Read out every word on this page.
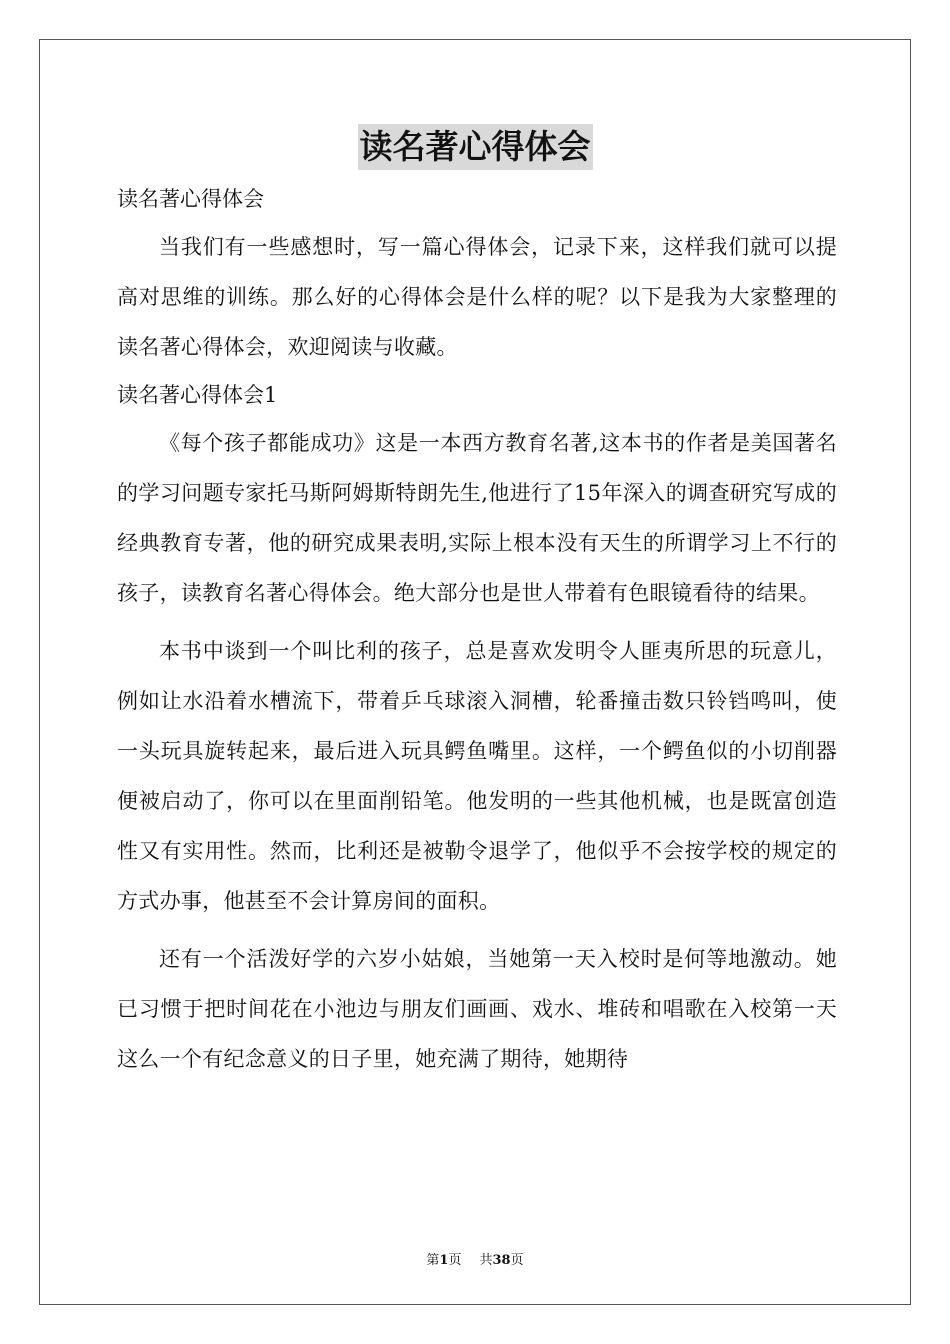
读名著心得体会

读名著心得体会

当我们有一些感想时，写一篇心得体会，记录下来，这样我们就可以提高对思维的训练。那么好的心得体会是什么样的呢？以下是我为大家整理的读名著心得体会，欢迎阅读与收藏。

读名著心得体会1

《每个孩子都能成功》这是一本西方教育名著,这本书的作者是美国著名的学习问题专家托马斯阿姆斯特朗先生,他进行了15年深入的调查研究写成的经典教育专著，他的研究成果表明,实际上根本没有天生的所谓学习上不行的孩子，读教育名著心得体会。绝大部分也是世人带着有色眼镜看待的结果。

本书中谈到一个叫比利的孩子，总是喜欢发明令人匪夷所思的玩意儿，例如让水沿着水槽流下，带着乒乓球滚入洞槽，轮番撞击数只铃铛鸣叫，使一头玩具旋转起来，最后进入玩具鳄鱼嘴里。这样，一个鳄鱼似的小切削器便被启动了，你可以在里面削铅笔。他发明的一些其他机械，也是既富创造性又有实用性。然而，比利还是被勒令退学了，他似乎不会按学校的规定的方式办事，他甚至不会计算房间的面积。

还有一个活泼好学的六岁小姑娘，当她第一天入校时是何等地激动。她已习惯于把时间花在小池边与朋友们画画、戏水、堆砖和唱歌在入校第一天这么一个有纪念意义的日子里，她充满了期待，她期待

第1页 共38页
